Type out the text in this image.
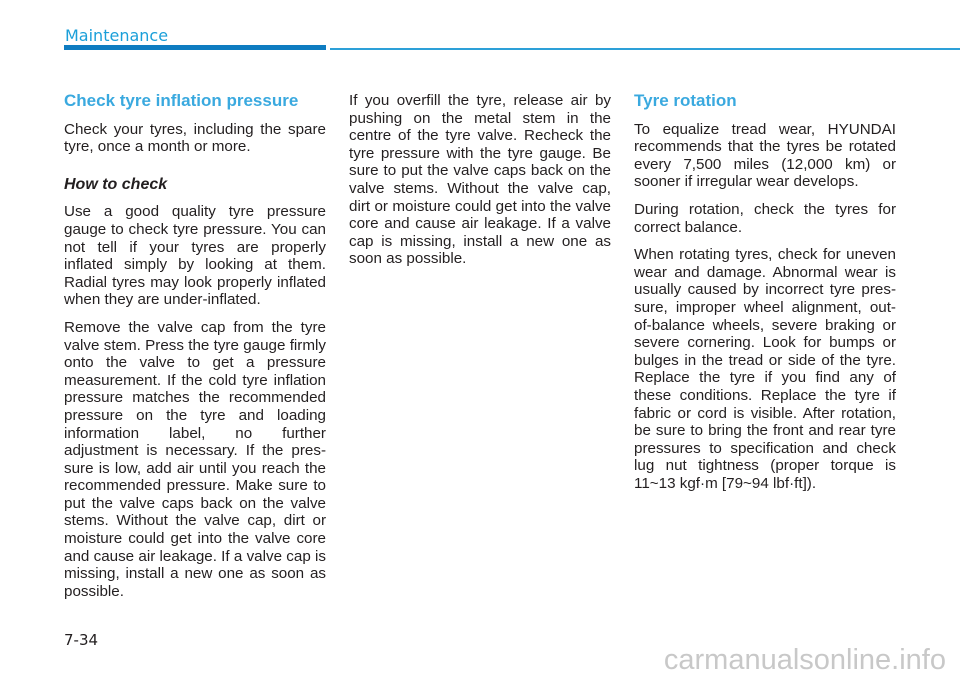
Maintenance
Check tyre inflation pressure

Check your tyres, including the spare tyre, once a month or more.

How to check

Use a good quality tyre pressure gauge to check tyre pressure. You can not tell if your tyres are properly inflated simply by looking at them. Radial tyres may look properly inflated when they are under-inflated.

Remove the valve cap from the tyre valve stem. Press the tyre gauge firmly onto the valve to get a pressure measurement. If the cold tyre inflation pressure matches the recommended pressure on the tyre and loading information label, no further adjustment is necessary. If the pressure is low, add air until you reach the recommended pressure. Make sure to put the valve caps back on the valve stems. Without the valve cap, dirt or moisture could get into the valve core and cause air leakage. If a valve cap is missing, install a new one as soon as possible.

If you overfill the tyre, release air by pushing on the metal stem in the centre of the tyre valve. Recheck the tyre pressure with the tyre gauge. Be sure to put the valve caps back on the valve stems. Without the valve cap, dirt or moisture could get into the valve core and cause air leakage. If a valve cap is missing, install a new one as soon as possible.

Tyre rotation

To equalize tread wear, HYUNDAI recommends that the tyres be rotated every 7,500 miles (12,000 km) or sooner if irregular wear develops.

During rotation, check the tyres for correct balance.

When rotating tyres, check for uneven wear and damage. Abnormal wear is usually caused by incorrect tyre pressure, improper wheel alignment, out-of-balance wheels, severe braking or severe cornering. Look for bumps or bulges in the tread or side of the tyre. Replace the tyre if you find any of these conditions. Replace the tyre if fabric or cord is visible. After rotation, be sure to bring the front and rear tyre pressures to specification and check lug nut tightness (proper torque is 11~13 kgf·m [79~94 lbf·ft]).

7-34
carmanualsonline.info
